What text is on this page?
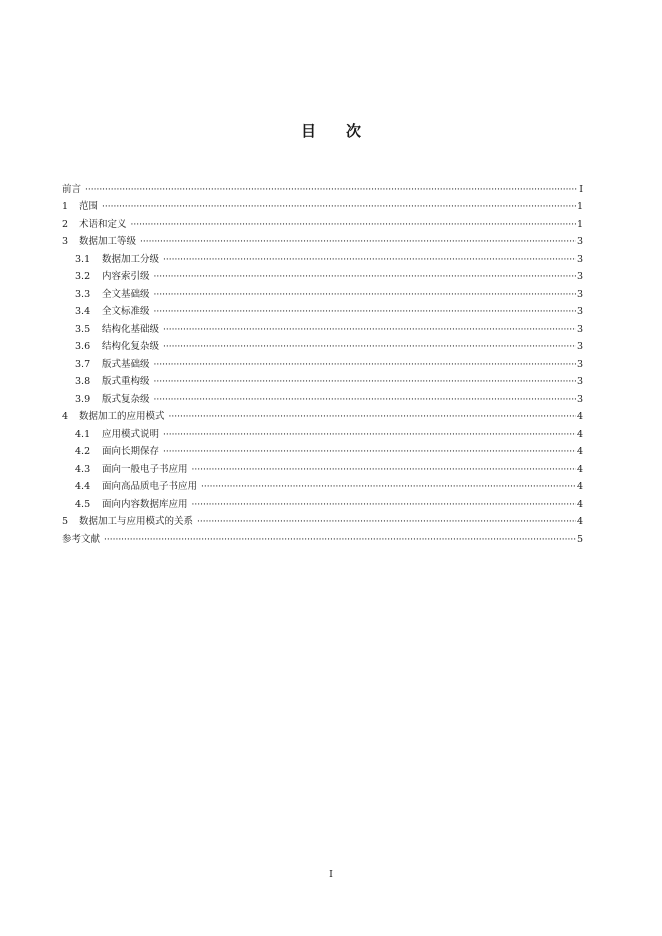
目 次
前言 ·····	I
1	范围 ·····	1
2	术语和定义 ·····	1
3	数据加工等级 ·····	3
3.1	数据加工分级 ·····	3
3.2	内容索引级 ·····	3
3.3	全文基础级 ·····	3
3.4	全文标准级 ·····	3
3.5	结构化基础级 ·····	3
3.6	结构化复杂级 ·····	3
3.7	版式基础级 ·····	3
3.8	版式重构级 ·····	3
3.9	版式复杂级 ·····	3
4	数据加工的应用模式 ·····	4
4.1	应用模式说明 ·····	4
4.2	面向长期保存 ·····	4
4.3	面向一般电子书应用 ·····	4
4.4	面向高品质电子书应用 ·····	4
4.5	面向内容数据库应用 ·····	4
5	数据加工与应用模式的关系 ·····	4
参考文献 ·····	5
I
